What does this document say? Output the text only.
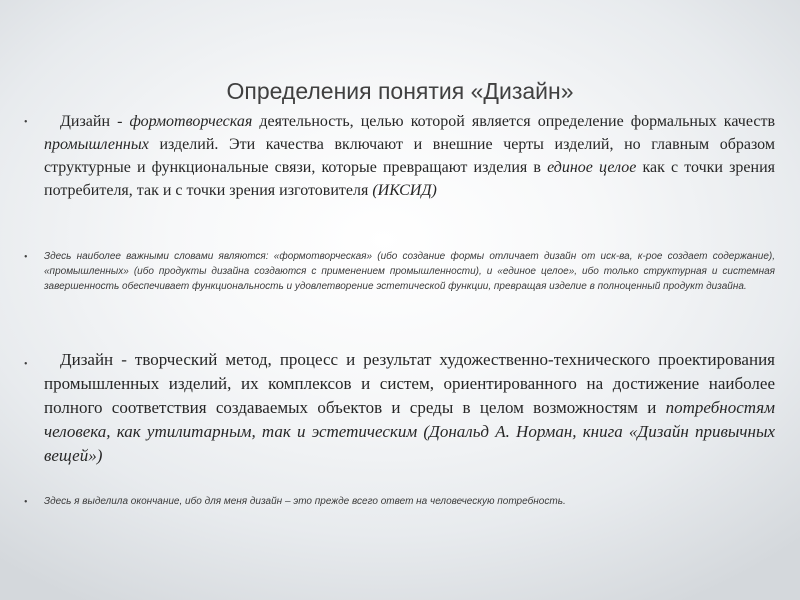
Определения понятия «Дизайн»
•	Дизайн - формотворческая деятельность, целью которой является определение формальных качеств промышленных изделий. Эти качества включают и внешние черты изделий, но главным образом структурные и функциональные связи, которые превращают изделия в единое целое как с точки зрения потребителя, так и с точки зрения изготовителя (ИКСИД)

• Здесь наиболее важными словами являются: «формотворческая» (ибо создание формы отличает дизайн от иск-ва, к-рое создает содержание), «промышленных» (ибо продукты дизайна создаются с применением промышленности), и «единое целое», ибо только структурная и системная завершенность обеспечивает функциональность и удовлетворение эстетической функции, превращая изделие в полноценный продукт дизайна.

•	Дизайн - творческий метод, процесс и результат художественно-технического проектирования промышленных изделий, их комплексов и систем, ориентированного на достижение наиболее полного соответствия создаваемых объектов и среды в целом возможностям и потребностям человека, как утилитарным, так и эстетическим (Дональд А. Норман, книга «Дизайн привычных вещей»)

• Здесь я выделила окончание, ибо для меня дизайн – это прежде всего ответ на человеческую потребность.
